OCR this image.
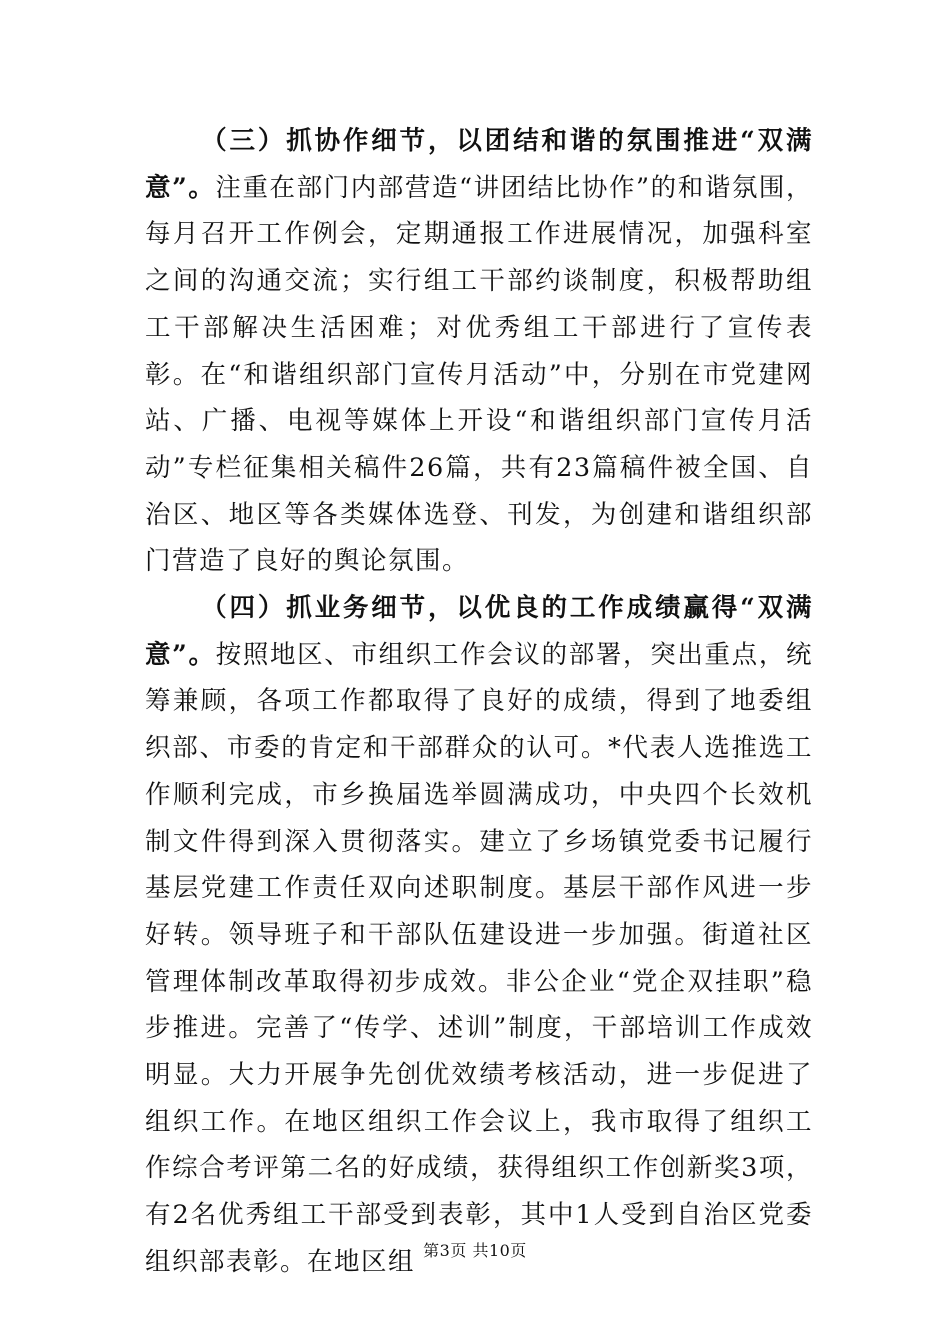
（三）抓协作细节，以团结和谐的氛围推进“双满意”。注重在部门内部营造“讲团结比协作”的和谐氛围，每月召开工作例会，定期通报工作进展情况，加强科室之间的沟通交流；实行组工干部约谈制度，积极帮助组工干部解决生活困难；对优秀组工干部进行了宣传表彰。在“和谐组织部门宣传月活动”中，分别在市党建网站、广播、电视等媒体上开设“和谐组织部门宣传月活动”专栏征集相关稿件26篇，共有23篇稿件被全国、自治区、地区等各类媒体选登、刊发，为创建和谐组织部门营造了良好的舆论氛围。

（四）抓业务细节，以优良的工作成绩赢得“双满意”。按照地区、市组织工作会议的部署，突出重点，统筹兼顾，各项工作都取得了良好的成绩，得到了地委组织部、市委的肯定和干部群众的认可。*代表人选推选工作顺利完成，市乡换届选举圆满成功，中央四个长效机制文件得到深入贯彻落实。建立了乡场镇党委书记履行基层党建工作责任双向述职制度。基层干部作风进一步好转。领导班子和干部队伍建设进一步加强。街道社区管理体制改革取得初步成效。非公企业“党企双挂职”稳步推进。完善了“传学、述训”制度，干部培训工作成效明显。大力开展争先创优效绩考核活动，进一步促进了组织工作。在地区组织工作会议上，我市取得了组织工作综合考评第二名的好成绩，获得组织工作创新奖3项，有2名优秀组工干部受到表彰，其中1人受到自治区党委组织部表彰。在地区组 第3页 共10页
